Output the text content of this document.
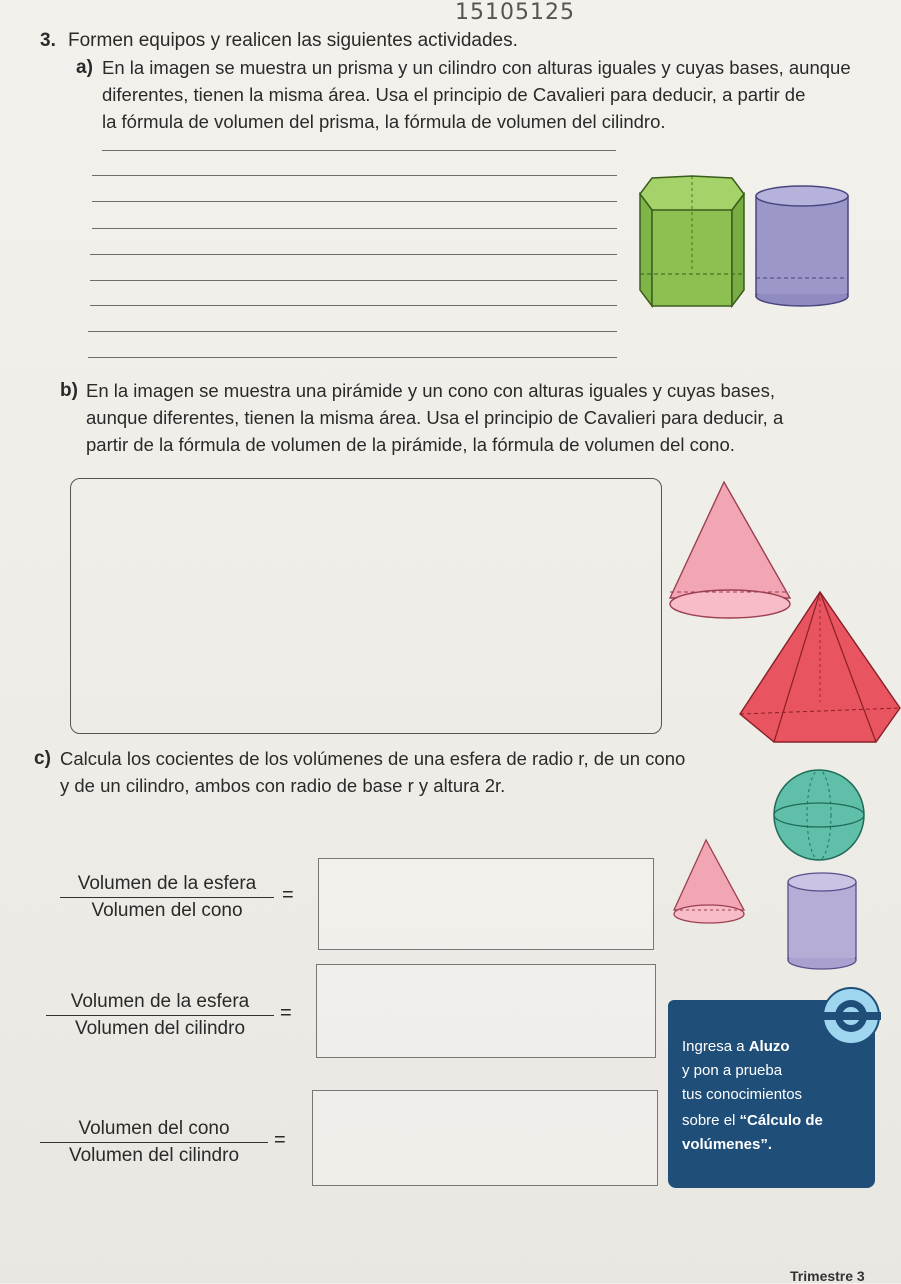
15105125
3. Formen equipos y realicen las siguientes actividades.
a) En la imagen se muestra un prisma y un cilindro con alturas iguales y cuyas bases, aunque
diferentes, tienen la misma área. Usa el principio de Cavalieri para deducir, a partir de
la fórmula de volumen del prisma, la fórmula de volumen del cilindro.
b) En la imagen se muestra una pirámide y un cono con alturas iguales y cuyas bases,
aunque diferentes, tienen la misma área. Usa el principio de Cavalieri para deducir, a
partir de la fórmula de volumen de la pirámide, la fórmula de volumen del cono.
c) Calcula los cocientes de los volúmenes de una esfera de radio r, de un cono
y de un cilindro, ambos con radio de base r y altura 2r.
Volumen de la esfera
Volumen del cono
=
Volumen de la esfera
Volumen del cilindro
=
Volumen del cono
Volumen del cilindro
=
Ingresa a Aluzo
y pon a prueba
tus conocimientos
sobre el “Cálculo de
volúmenes”.
Trimestre 3
